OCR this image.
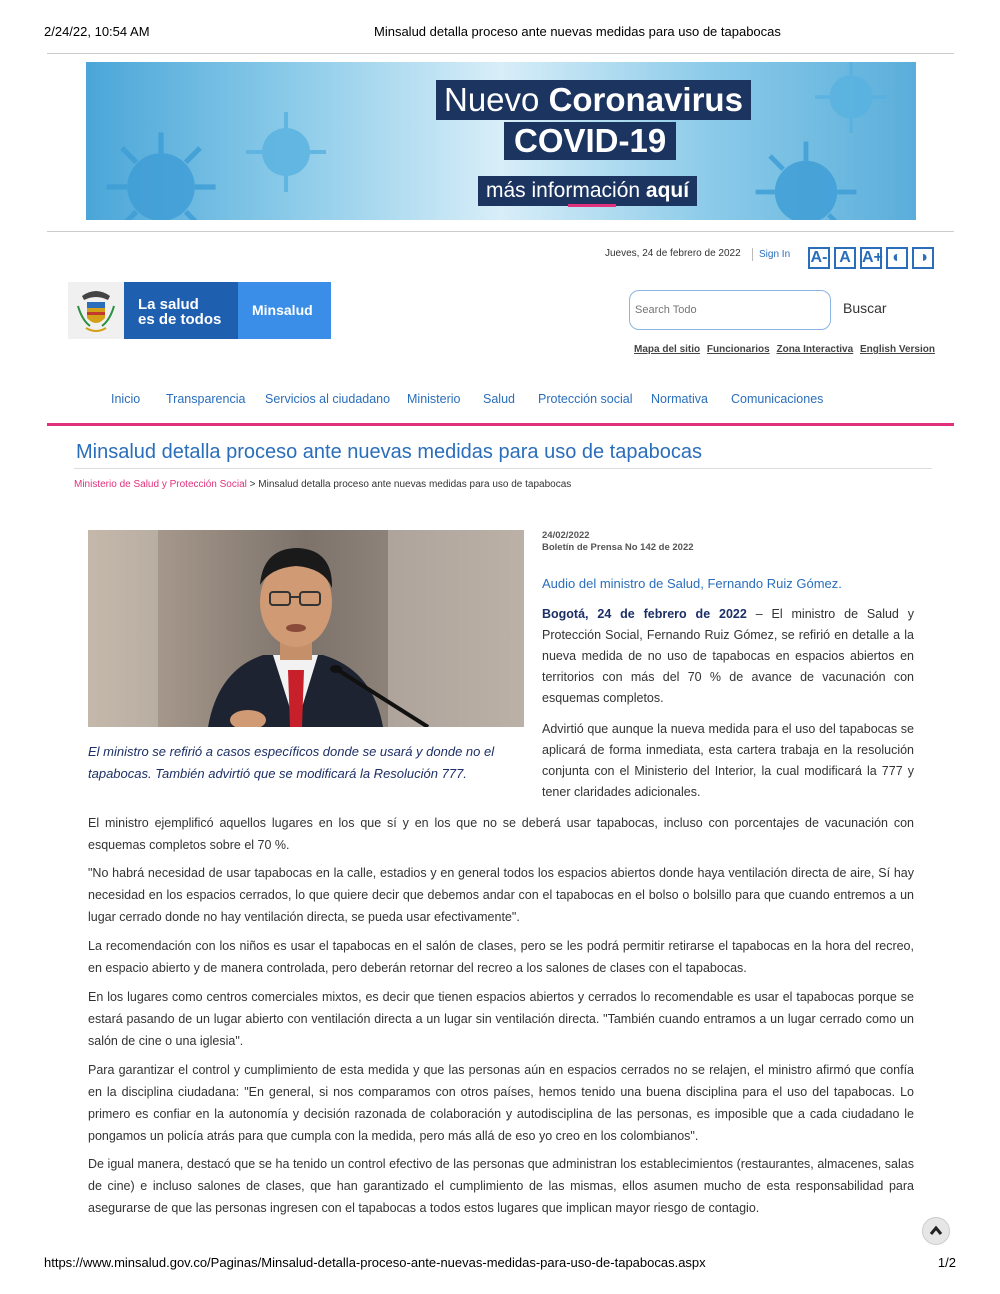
2/24/22, 10:54 AM	Minsalud detalla proceso ante nuevas medidas para uso de tapabocas
Nuevo Coronavirus
COVID-19
más información aquí
Jueves, 24 de febrero de 2022 Sign In A- A A+ ◐	◑
La salud
es de todos
Minsalud
Search Todo	Buscar
Mapa del sitio Funcionarios Zona Interactiva English Version
Inicio Transparencia Servicios al ciudadano Ministerio Salud Protección social Normativa Comunicaciones
Minsalud detalla proceso ante nuevas medidas para uso de tapabocas
Ministerio de Salud y Protección Social > Minsalud detalla proceso ante nuevas medidas para uso de tapabocas
El ministro se refirió a casos específicos donde se usará y donde no el tapabocas. También advirtió que se modificará la Resolución 777.
24/02/2022
Boletín de Prensa No 142 de 2022
Audio del ministro de Salud, Fernando Ruiz Gómez.
Bogotá, 24 de febrero de 2022 – El ministro de Salud y Protección Social, Fernando Ruiz Gómez, se refirió en detalle a la nueva medida de no uso de tapabocas en espacios abiertos en territorios con más del 70 % de avance de vacunación con esquemas completos.
Advirtió que aunque la nueva medida para el uso del tapabocas se aplicará de forma inmediata, esta cartera trabaja en la resolución conjunta con el Ministerio del Interior, la cual modificará la 777 y tener claridades adicionales.
El ministro ejemplificó aquellos lugares en los que sí y en los que no se deberá usar tapabocas, incluso con porcentajes de vacunación con esquemas completos sobre el 70 %.
"No habrá necesidad de usar tapabocas en la calle, estadios y en general todos los espacios abiertos donde haya ventilación directa de aire, Sí hay necesidad en los espacios cerrados, lo que quiere decir que debemos andar con el tapabocas en el bolso o bolsillo para que cuando entremos a un lugar cerrado donde no hay ventilación directa, se pueda usar efectivamente".
La recomendación con los niños es usar el tapabocas en el salón de clases, pero se les podrá permitir retirarse el tapabocas en la hora del recreo, en espacio abierto y de manera controlada, pero deberán retornar del recreo a los salones de clases con el tapabocas.
En los lugares como centros comerciales mixtos, es decir que tienen espacios abiertos y cerrados lo recomendable es usar el tapabocas porque se estará pasando de un lugar abierto con ventilación directa a un lugar sin ventilación directa. "También cuando entramos a un lugar cerrado como un salón de cine o una iglesia".
Para garantizar el control y cumplimiento de esta medida y que las personas aún en espacios cerrados no se relajen, el ministro afirmó que confía en la disciplina ciudadana: "En general, si nos comparamos con otros países, hemos tenido una buena disciplina para el uso del tapabocas. Lo primero es confiar en la autonomía y decisión razonada de colaboración y autodisciplina de las personas, es imposible que a cada ciudadano le pongamos un policía atrás para que cumpla con la medida, pero más allá de eso yo creo en los colombianos".
De igual manera, destacó que se ha tenido un control efectivo de las personas que administran los establecimientos (restaurantes, almacenes, salas de cine) e incluso salones de clases, que han garantizado el cumplimiento de las mismas, ellos asumen mucho de esta responsabilidad para asegurarse de que las personas ingresen con el tapabocas a todos estos lugares que implican mayor riesgo de contagio.
https://www.minsalud.gov.co/Paginas/Minsalud-detalla-proceso-ante-nuevas-medidas-para-uso-de-tapabocas.aspx	1/2
